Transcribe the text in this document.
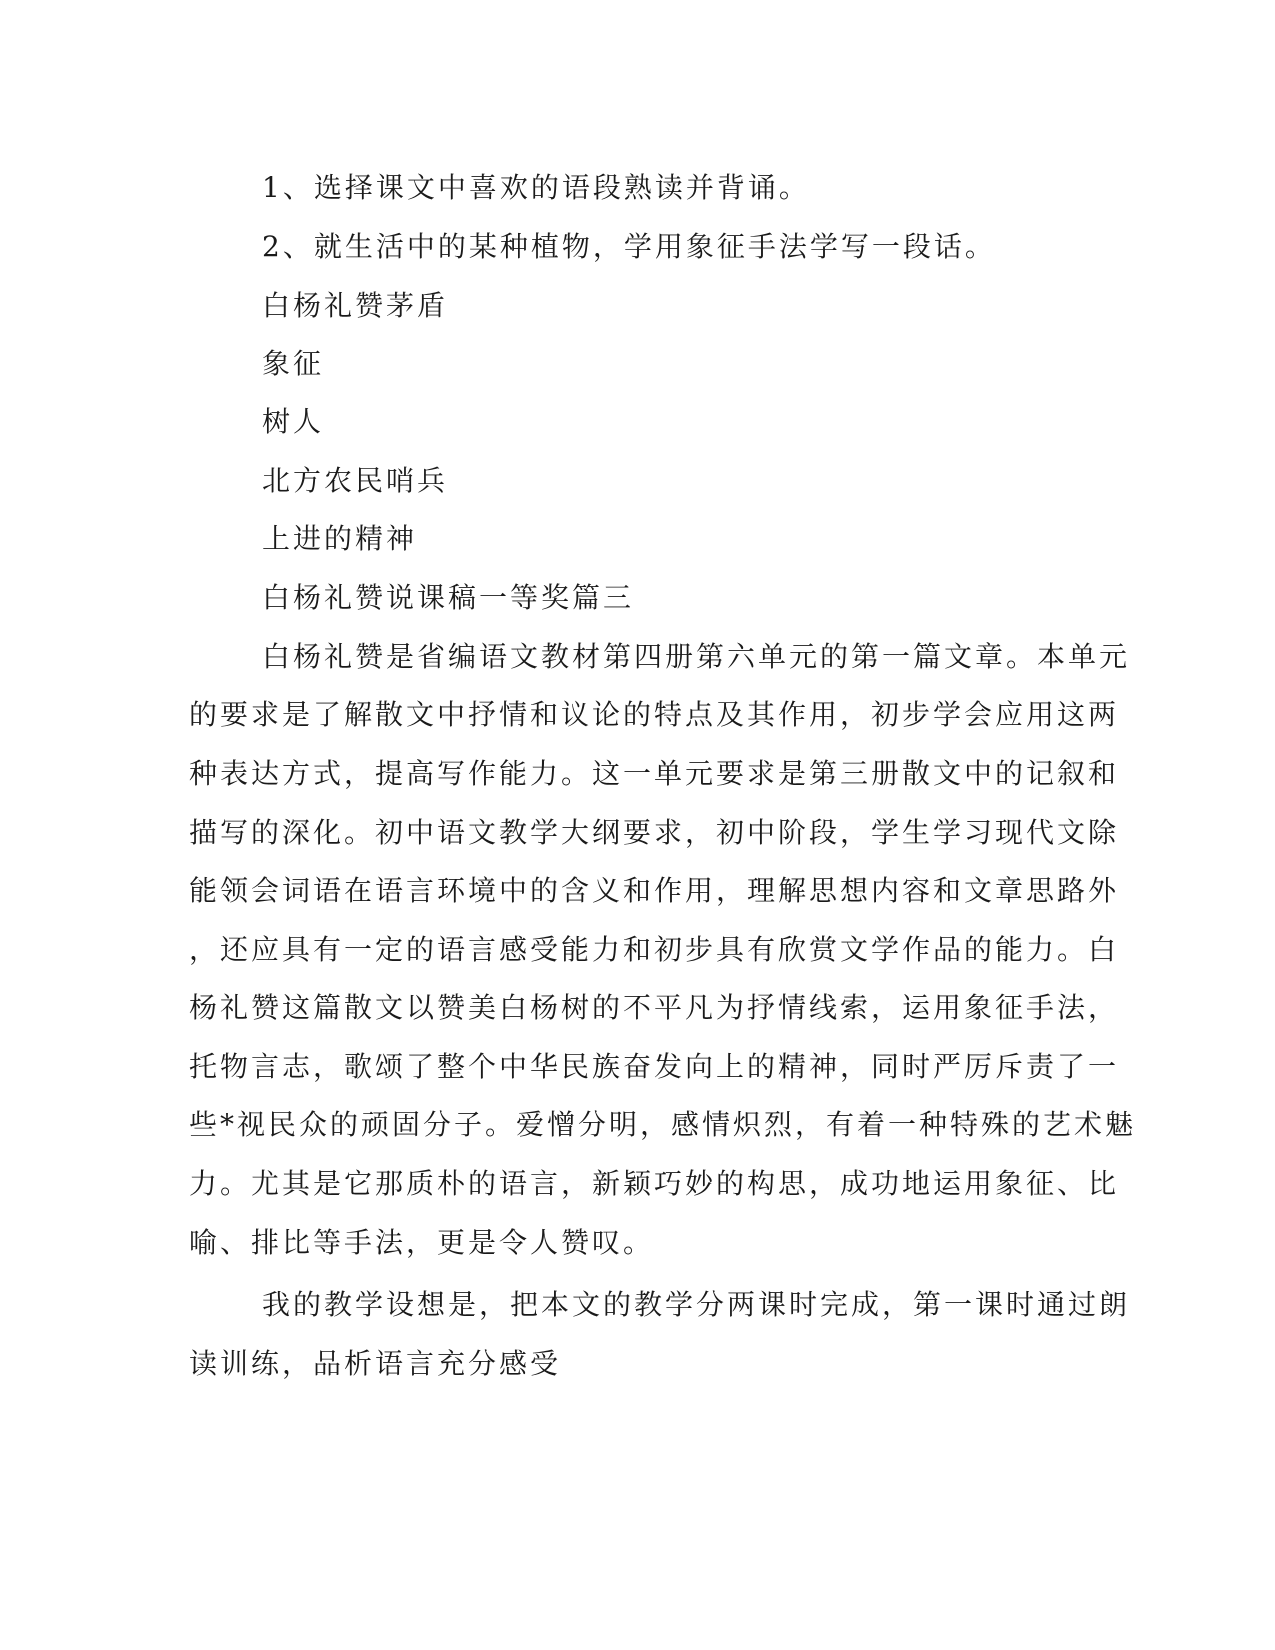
1、选择课文中喜欢的语段熟读并背诵。
2、就生活中的某种植物，学用象征手法学写一段话。
白杨礼赞茅盾
象征
树人
北方农民哨兵
上进的精神
白杨礼赞说课稿一等奖篇三
白杨礼赞是省编语文教材第四册第六单元的第一篇文章。本单元
的要求是了解散文中抒情和议论的特点及其作用，初步学会应用这两
种表达方式，提高写作能力。这一单元要求是第三册散文中的记叙和
描写的深化。初中语文教学大纲要求，初中阶段，学生学习现代文除
能领会词语在语言环境中的含义和作用，理解思想内容和文章思路外
，还应具有一定的语言感受能力和初步具有欣赏文学作品的能力。白
杨礼赞这篇散文以赞美白杨树的不平凡为抒情线索，运用象征手法，
托物言志，歌颂了整个中华民族奋发向上的精神，同时严厉斥责了一
些*视民众的顽固分子。爱憎分明，感情炽烈，有着一种特殊的艺术魅
力。尤其是它那质朴的语言，新颖巧妙的构思，成功地运用象征、比
喻、排比等手法，更是令人赞叹。
我的教学设想是，把本文的教学分两课时完成，第一课时通过朗
读训练，品析语言充分感受
